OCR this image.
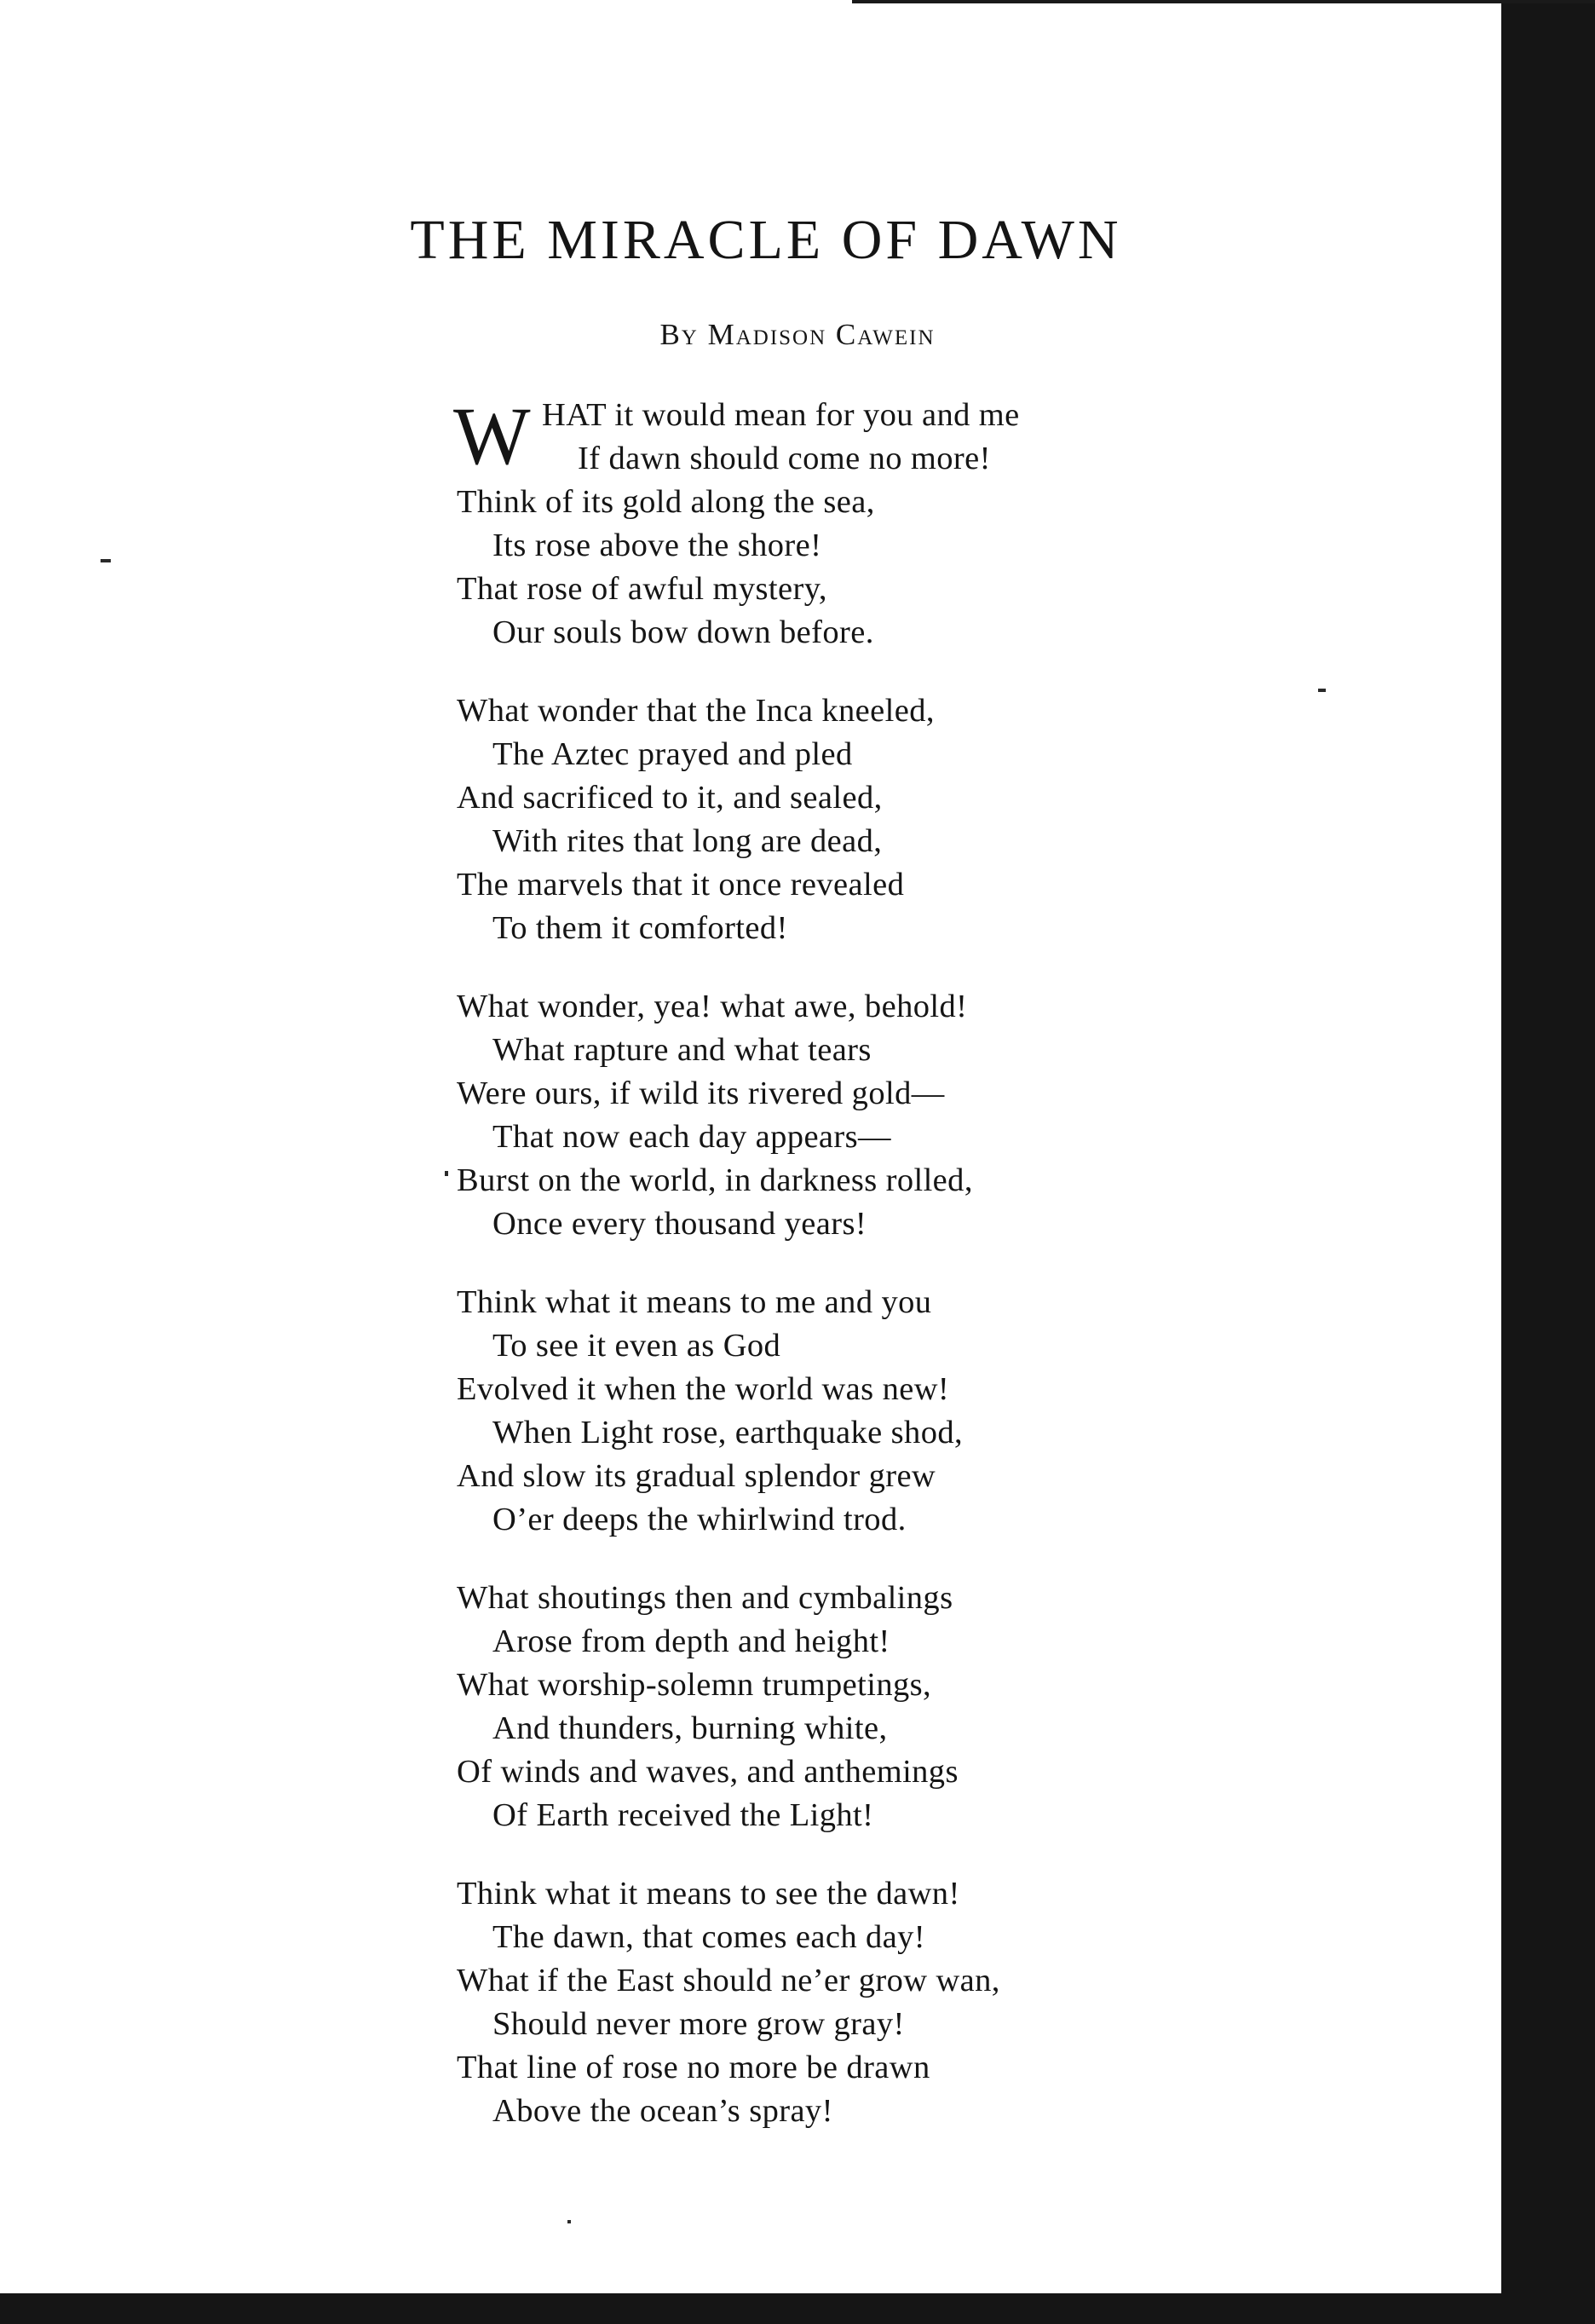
THE MIRACLE OF DAWN
By Madison Cawein
W HAT it would mean for you and me
If dawn should come no more!
Think of its gold along the sea,
Its rose above the shore!
That rose of awful mystery,
Our souls bow down before.
What wonder that the Inca kneeled,
The Aztec prayed and pled
And sacrificed to it, and sealed,
With rites that long are dead,
The marvels that it once revealed
To them it comforted!
What wonder, yea! what awe, behold!
What rapture and what tears
Were ours, if wild its rivered gold—
That now each day appears—
Burst on the world, in darkness rolled,
Once every thousand years!
Think what it means to me and you
To see it even as God
Evolved it when the world was new!
When Light rose, earthquake shod,
And slow its gradual splendor grew
O’er deeps the whirlwind trod.
What shoutings then and cymbalings
Arose from depth and height!
What worship-solemn trumpetings,
And thunders, burning white,
Of winds and waves, and anthemings
Of Earth received the Light!
Think what it means to see the dawn!
The dawn, that comes each day!
What if the East should ne’er grow wan,
Should never more grow gray!
That line of rose no more be drawn
Above the ocean’s spray!
